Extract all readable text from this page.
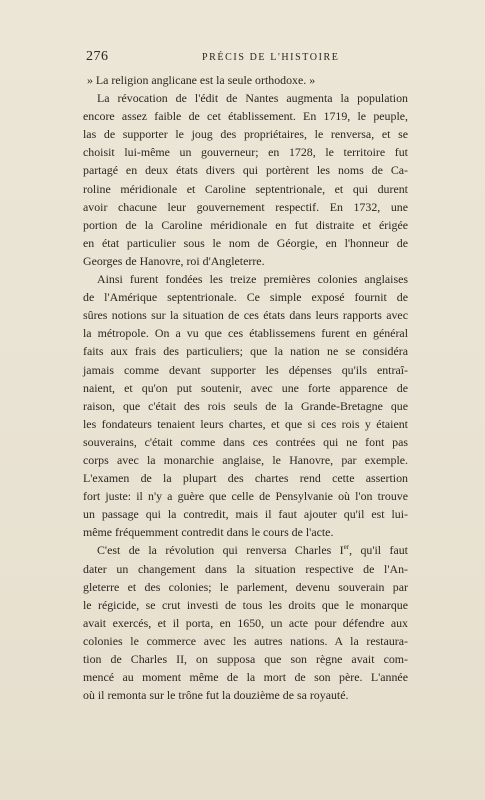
276	PRÉCIS DE L'HISTOIRE

» La religion anglicane est la seule orthodoxe. »

La révocation de l'édit de Nantes augmenta la population
encore assez faible de cet établissement. En 1719, le peuple,
las de supporter le joug des propriétaires, le renversa, et se
choisit lui-même un gouverneur; en 1728, le territoire fut
partagé en deux états divers qui portèrent les noms de Ca-
roline méridionale et Caroline septentrionale, et qui durent
avoir chacune leur gouvernement respectif. En 1732, une
portion de la Caroline méridionale en fut distraite et érigée
en état particulier sous le nom de Géorgie, en l'honneur de
Georges de Hanovre, roi d'Angleterre.

Ainsi furent fondées les treize premières colonies anglaises
de l'Amérique septentrionale. Ce simple exposé fournit de
sûres notions sur la situation de ces états dans leurs rapports avec
la métropole. On a vu que ces établissemens furent en général
faits aux frais des particuliers; que la nation ne se considéra
jamais comme devant supporter les dépenses qu'ils entraî-
naient, et qu'on put soutenir, avec une forte apparence de
raison, que c'était des rois seuls de la Grande-Bretagne que
les fondateurs tenaient leurs chartes, et que si ces rois y étaient
souverains, c'était comme dans ces contrées qui ne font pas
corps avec la monarchie anglaise, le Hanovre, par exemple.
L'examen de la plupart des chartes rend cette assertion
fort juste: il n'y a guère que celle de Pensylvanie où l'on trouve
un passage qui la contredit, mais il faut ajouter qu'il est lui-
même fréquemment contredit dans le cours de l'acte.

C'est de la révolution qui renversa Charles Ier, qu'il faut
dater un changement dans la situation respective de l'An-
gleterre et des colonies; le parlement, devenu souverain par
le régicide, se crut investi de tous les droits que le monarque
avait exercés, et il porta, en 1650, un acte pour défendre aux
colonies le commerce avec les autres nations. A la restaura-
tion de Charles II, on supposa que son règne avait com-
mencé au moment même de la mort de son père. L'année
où il remonta sur le trône fut la douzième de sa royauté.
